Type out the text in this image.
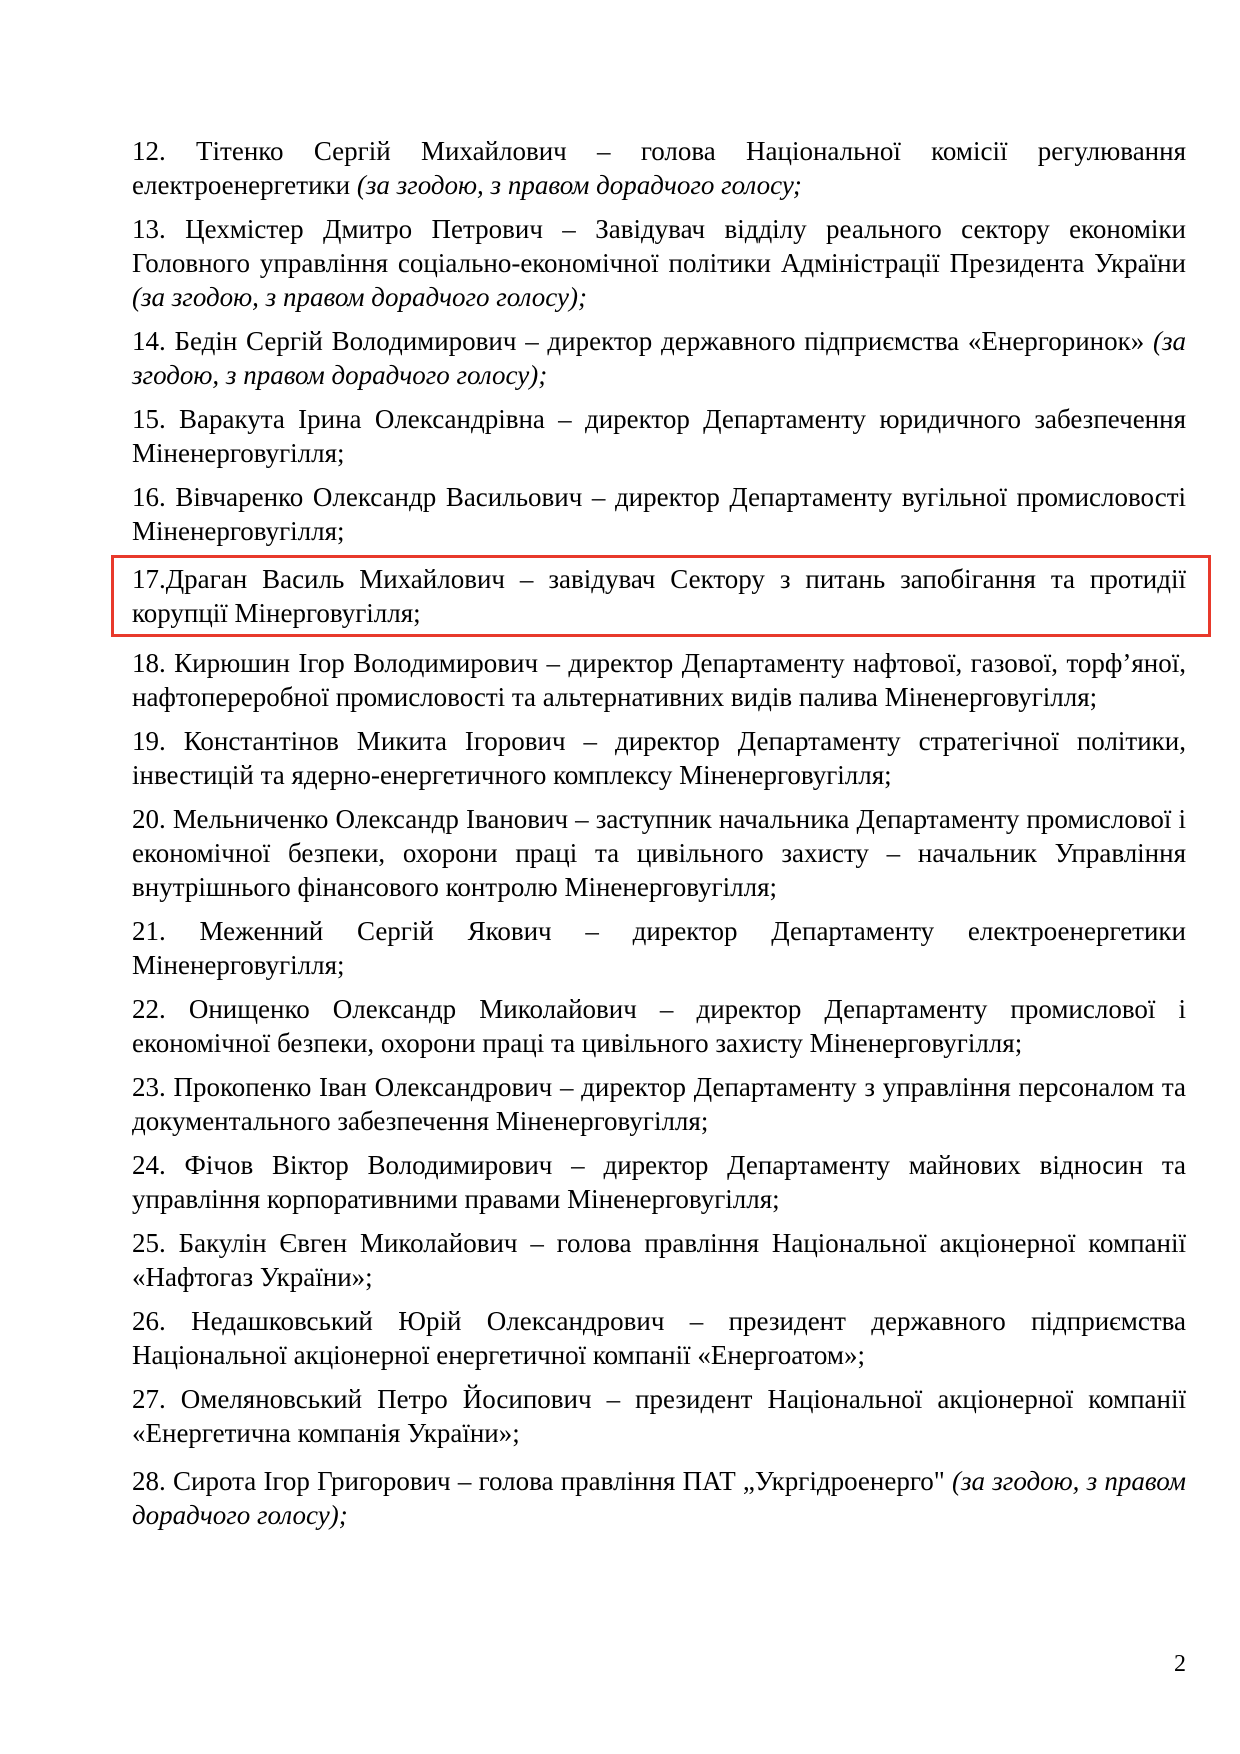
12. Тітенко Сергій Михайлович – голова Національної комісії регулювання електроенергетики (за згодою, з правом дорадчого голосу;

13. Цехмістер Дмитро Петрович – Завідувач відділу реального сектору економіки Головного управління соціально-економічної політики Адміністрації Президента України (за згодою, з правом дорадчого голосу);

14. Бедін Сергій Володимирович – директор державного підприємства «Енергоринок» (за згодою, з правом дорадчого голосу);

15. Варакута Ірина Олександрівна – директор Департаменту юридичного забезпечення Міненерговугілля;

16. Вівчаренко Олександр Васильович – директор Департаменту вугільної промисловості Міненерговугілля;

17.Драган Василь Михайлович – завідувач Сектору з питань запобігання та протидії корупції Мінерговугілля;

18. Кирюшин Ігор Володимирович – директор Департаменту нафтової, газової, торф’яної, нафтопереробної промисловості та альтернативних видів палива Міненерговугілля;

19. Константінов Микита Ігорович – директор Департаменту стратегічної політики, інвестицій та ядерно-енергетичного комплексу Міненерговугілля;

20. Мельниченко Олександр Іванович – заступник начальника Департаменту промислової і економічної безпеки, охорони праці та цивільного захисту – начальник Управління внутрішнього фінансового контролю Міненерговугілля;

21. Меженний Сергій Якович – директор Департаменту електроенергетики Міненерговугілля;

22. Онищенко Олександр Миколайович – директор Департаменту промислової і економічної безпеки, охорони праці та цивільного захисту Міненерговугілля;

23. Прокопенко Іван Олександрович – директор Департаменту з управління персоналом та документального забезпечення Міненерговугілля;

24. Фічов Віктор Володимирович – директор Департаменту майнових відносин та управління корпоративними правами Міненерговугілля;

25. Бакулін Євген Миколайович – голова правління Національної акціонерної компанії «Нафтогаз України»;

26. Недашковський Юрій Олександрович – президент державного підприємства Національної акціонерної енергетичної компанії «Енергоатом»;

27. Омеляновський Петро Йосипович – президент Національної акціонерної компанії «Енергетична компанія України»;

28. Сирота Ігор Григорович – голова правління ПАТ „Укргідроенерго" (за згодою, з правом дорадчого голосу);

2
